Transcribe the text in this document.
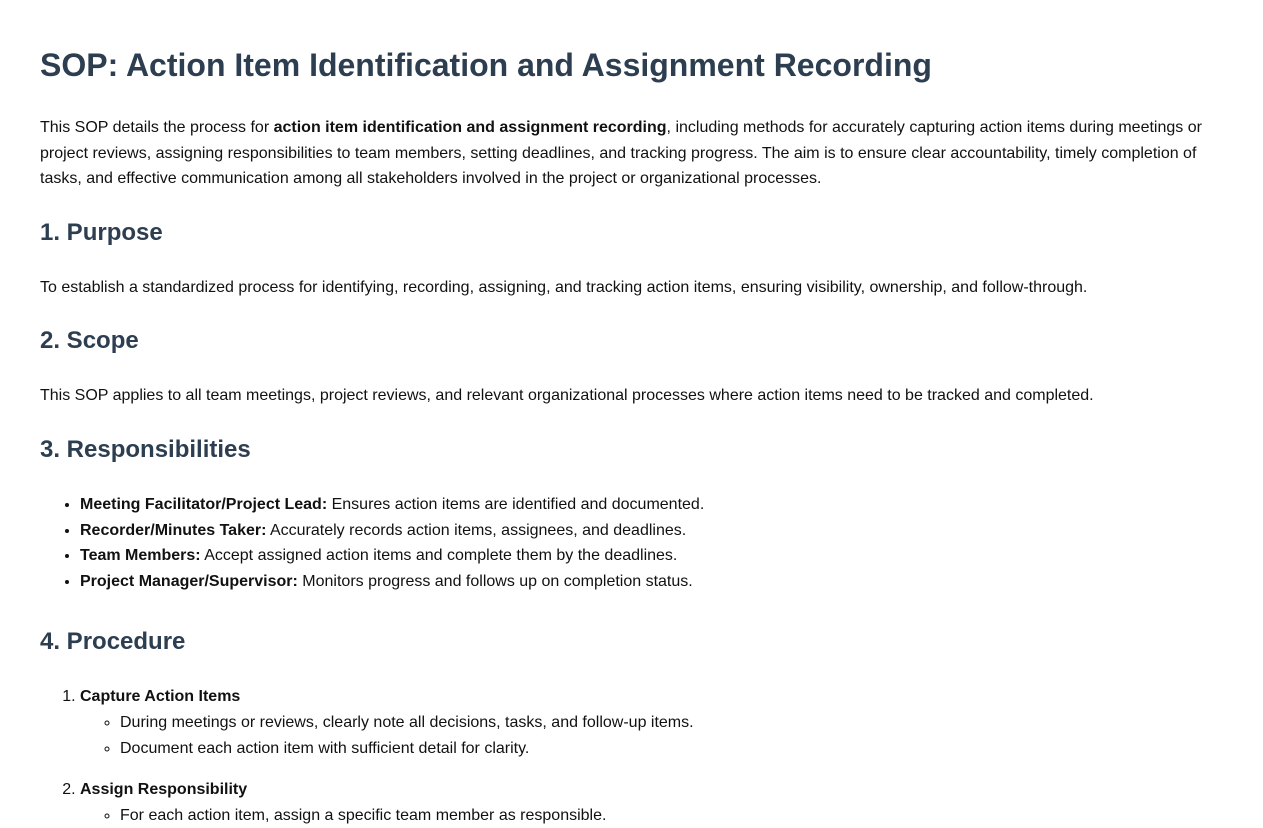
SOP: Action Item Identification and Assignment Recording

This SOP details the process for action item identification and assignment recording, including methods for accurately capturing action items during meetings or project reviews, assigning responsibilities to team members, setting deadlines, and tracking progress. The aim is to ensure clear accountability, timely completion of tasks, and effective communication among all stakeholders involved in the project or organizational processes.

1. Purpose

To establish a standardized process for identifying, recording, assigning, and tracking action items, ensuring visibility, ownership, and follow-through.

2. Scope

This SOP applies to all team meetings, project reviews, and relevant organizational processes where action items need to be tracked and completed.

3. Responsibilities
• Meeting Facilitator/Project Lead: Ensures action items are identified and documented.
• Recorder/Minutes Taker: Accurately records action items, assignees, and deadlines.
• Team Members: Accept assigned action items and complete them by the deadlines.
• Project Manager/Supervisor: Monitors progress and follows up on completion status.
4. Procedure
1. Capture Action Items
◦ During meetings or reviews, clearly note all decisions, tasks, and follow-up items.
◦ Document each action item with sufficient detail for clarity.
2. Assign Responsibility
◦ For each action item, assign a specific team member as responsible.
